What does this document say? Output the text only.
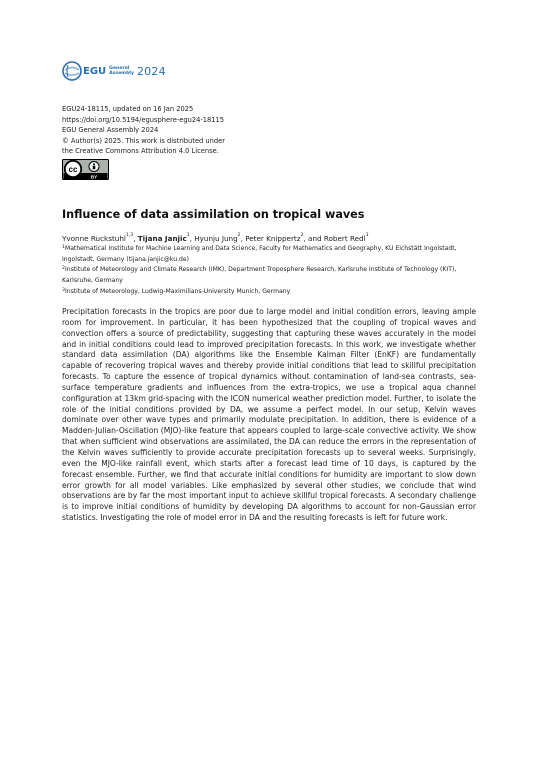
EGU General
Assembly 2024
EGU24-18115, updated on 16 Jan 2025
https://doi.org/10.5194/egusphere-egu24-18115
EGU General Assembly 2024
© Author(s) 2025. This work is distributed under
the Creative Commons Attribution 4.0 License.
cc
BY
Influence of data assimilation on tropical waves
Yvonne Ruckstuhl$^{1,3}$, Tijana Janjic$^1$, Hyunju Jung$^2$, Peter Knippertz$^2$, and Robert Redl$^3$

$^1$Mathematical Institute for Machine Learning and Data Science, Faculty for Mathematics and Geography, KU Eichstätt Ingolstadt, Ingolstadt, Germany (tijana.janjic@ku.de)

$^2$Institute of Meteorology and Climate Research (IMK), Department Troposphere Research, Karlsruhe Institute of Technology (KIT), Karlsruhe, Germany

$^3$Institute of Meteorology, Ludwig-Maximilians-University Munich, Germany

Precipitation forecasts in the tropics are poor due to large model and initial condition errors, leaving ample room for improvement. In particular, it has been hypothesized that the coupling of tropical waves and convection offers a source of predictability, suggesting that capturing these waves accurately in the model and in initial conditions could lead to improved precipitation forecasts. In this work, we investigate whether standard data assimilation (DA) algorithms like the Ensemble Kalman Filter (EnKF) are fundamentally capable of recovering tropical waves and thereby provide initial conditions that lead to skillful precipitation forecasts. To capture the essence of tropical dynamics without contamination of land-sea contrasts, sea-surface temperature gradients and influences from the extra-tropics, we use a tropical aqua channel configuration at 13km grid-spacing with the ICON numerical weather prediction model. Further, to isolate the role of the initial conditions provided by DA, we assume a perfect model. In our setup, Kelvin waves dominate over other wave types and primarily modulate precipitation. In addition, there is evidence of a Madden-Julian-Oscillation (MJO)-like feature that appears coupled to large-scale convective activity. We show that when sufficient wind observations are assimilated, the DA can reduce the errors in the representation of the Kelvin waves sufficiently to provide accurate precipitation forecasts up to several weeks. Surprisingly, even the MJO-like rainfall event, which starts after a forecast lead time of 10 days, is captured by the forecast ensemble. Further, we find that accurate initial conditions for humidity are important to slow down error growth for all model variables. Like emphasized by several other studies, we conclude that wind observations are by far the most important input to achieve skillful tropical forecasts. A secondary challenge is to improve initial conditions of humidity by developing DA algorithms to account for non-Gaussian error statistics. Investigating the role of model error in DA and the resulting forecasts is left for future work.
